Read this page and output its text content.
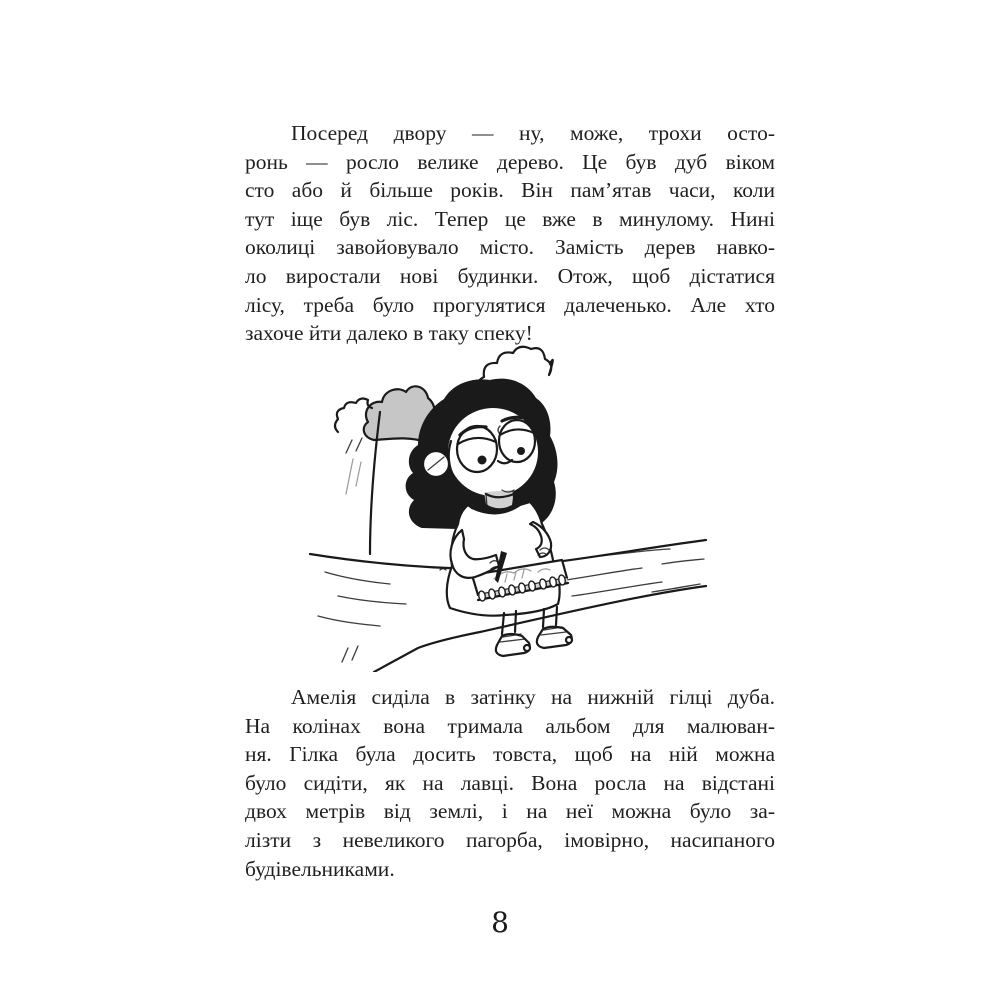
Посеред двору — ну, може, трохи осто-
ронь — росло велике дерево. Це був дуб віком
сто або й більше років. Він пам’ятав часи, коли
тут іще був ліс. Тепер це вже в минулому. Нині
околиці завойовувало місто. Замість дерев навко-
ло виростали нові будинки. Отож, щоб дістатися
лісу, треба було прогулятися далеченько. Але хто
захоче йти далеко в таку спеку!
Амелія сиділа в затінку на нижній гілці дуба.
На колінах вона тримала альбом для малюван-
ня. Гілка була досить товста, щоб на ній можна
було сидіти, як на лавці. Вона росла на відстані
двох метрів від землі, і на неї можна було за-
лізти з невеликого пагорба, імовірно, насипаного
будівельниками.
8
